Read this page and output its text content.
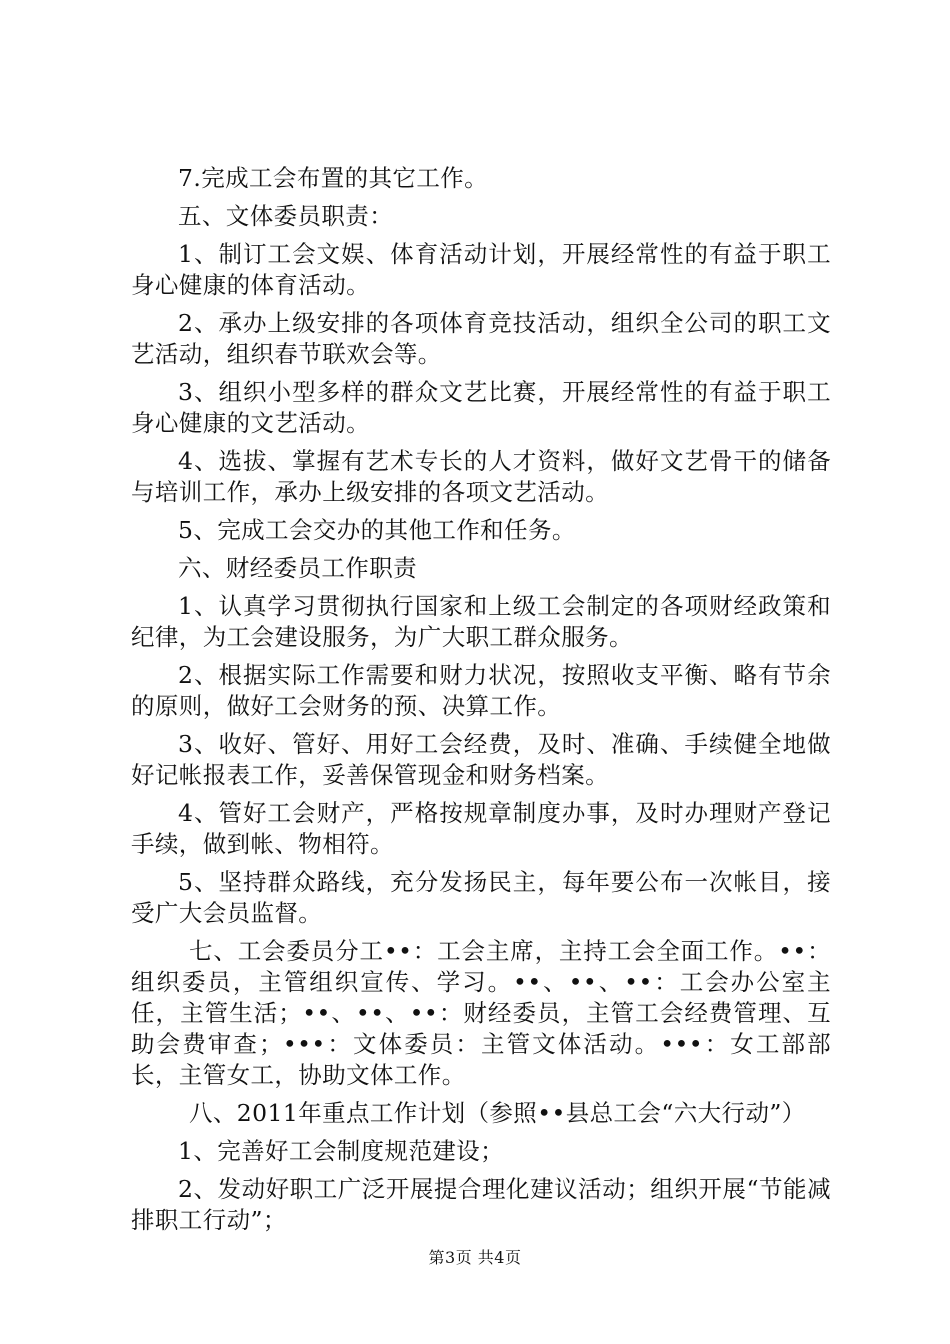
7.完成工会布置的其它工作。

五、文体委员职责：

1、制订工会文娱、体育活动计划，开展经常性的有益于职工身心健康的体育活动。

2、承办上级安排的各项体育竞技活动，组织全公司的职工文艺活动，组织春节联欢会等。

3、组织小型多样的群众文艺比赛，开展经常性的有益于职工身心健康的文艺活动。

4、选拔、掌握有艺术专长的人才资料，做好文艺骨干的储备与培训工作，承办上级安排的各项文艺活动。

5、完成工会交办的其他工作和任务。

六、财经委员工作职责

1、认真学习贯彻执行国家和上级工会制定的各项财经政策和纪律，为工会建设服务，为广大职工群众服务。

2、根据实际工作需要和财力状况，按照收支平衡、略有节余的原则，做好工会财务的预、决算工作。

3、收好、管好、用好工会经费，及时、准确、手续健全地做好记帐报表工作，妥善保管现金和财务档案。

4、管好工会财产，严格按规章制度办事，及时办理财产登记手续，做到帐、物相符。

5、坚持群众路线，充分发扬民主，每年要公布一次帐目，接受广大会员监督。

七、工会委员分工••：工会主席，主持工会全面工作。••：组织委员，主管组织宣传、学习。••、••、••：工会办公室主任，主管生活；••、••、••：财经委员，主管工会经费管理、互助会费审查；•••：文体委员：主管文体活动。•••：女工部部长，主管女工，协助文体工作。

八、2011年重点工作计划（参照••县总工会“六大行动”）

1、完善好工会制度规范建设；

2、发动好职工广泛开展提合理化建议活动；组织开展“节能减排职工行动”；

第3页 共4页
